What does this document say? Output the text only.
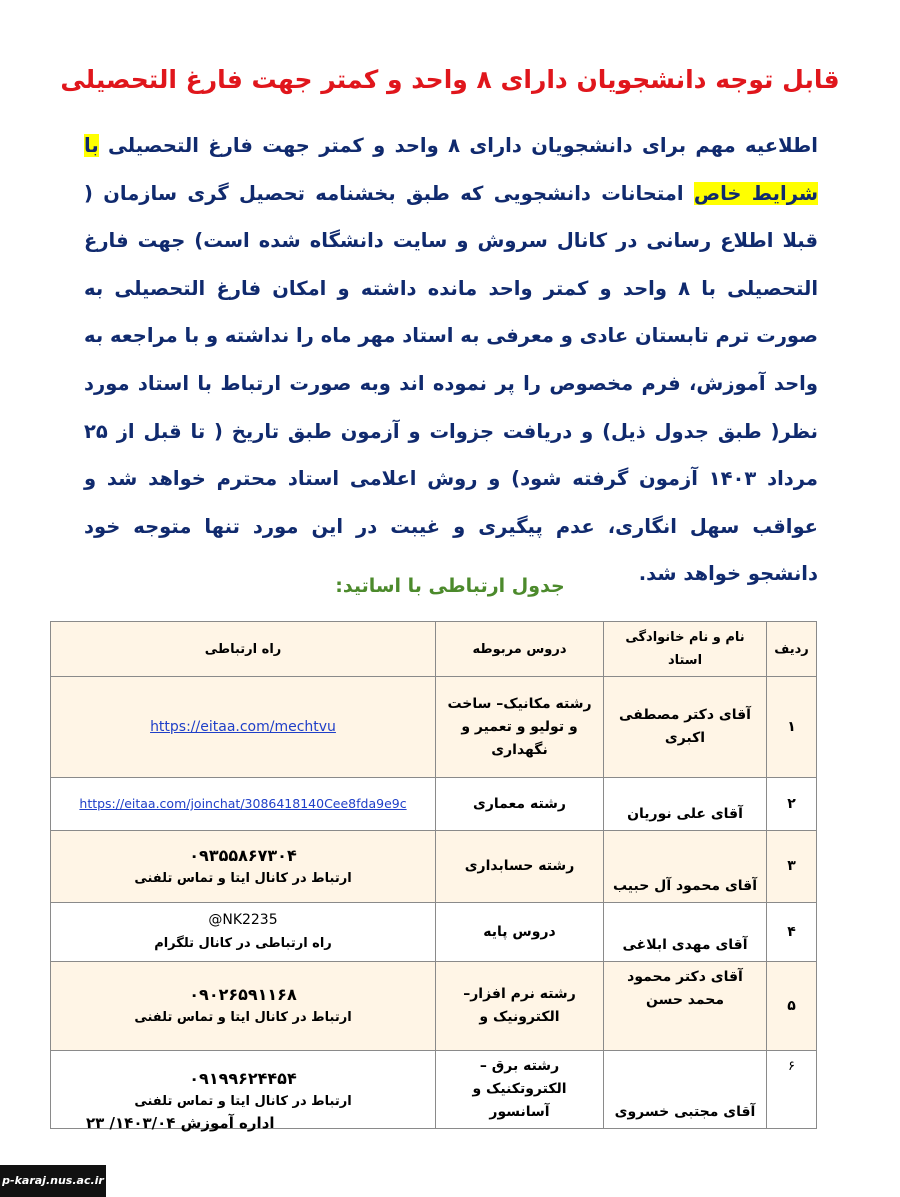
قابل توجه دانشجویان دارای ۸ واحد و کمتر جهت فارغ التحصیلی

اطلاعیه مهم برای دانشجویان دارای ۸ واحد و کمتر جهت فارغ التحصیلی با شرایط خاص امتحانات دانشجویی که طبق بخشنامه تحصیل گری سازمان ( قبلا اطلاع رسانی در کانال سروش و سایت دانشگاه شده است) جهت فارغ التحصیلی با ۸ واحد و کمتر واحد مانده داشته و امکان فارغ التحصیلی به صورت ترم تابستان عادی و معرفی به استاد مهر ماه را نداشته و با مراجعه به واحد آموزش، فرم مخصوص را پر نموده اند وبه صورت ارتباط با استاد مورد نظر( طبق جدول ذیل) و دریافت جزوات و آزمون طبق تاریخ ( تا قبل از ۲۵ مرداد ۱۴۰۳ آزمون گرفته شود) و روش اعلامی استاد محترم خواهد شد و عواقب سهل انگاری، عدم پیگیری و غیبت در این مورد تنها متوجه خود دانشجو خواهد شد.

جدول ارتباطی با اساتید:
ردیف	نام و نام خانوادگی استاد	دروس مربوطه	راه ارتباطی
۱	آقای دکتر مصطفی اکبری	رشته مکانیک– ساخت و تولیو و تعمیر و نگهداری	https://eitaa.com/mechtvu
۲	آقای علی نوریان	رشته معماری	https://eitaa.com/joinchat/3086418140Cee8fda9e9c
۳	آقای محمود آل حبیب	رشته حسابداری	۰۹۳۵۵۸۶۷۳۰۴
ارتباط در کانال ایتا و تماس تلفنی

۴	آقای مهدی ابلاغی	دروس پایه	@NK2235
راه ارتباطی در کانال تلگرام

۵	آقای دکتر محمود محمد حسن	رشته نرم افزار– الکترونیک و	۰۹۰۲۶۵۹۱۱۶۸
ارتباط در کانال ایتا و تماس تلفنی

۶	آقای مجتبی خسروی	رشته برق –الکتروتکنیک و آسانسور	۰۹۱۹۹۶۲۴۴۵۴
ارتباط در کانال ایتا و تماس تلفنی

اداره آموزش ۱۴۰۳/۰۴/ ۲۳

p-karaj.nus.ac.ir
